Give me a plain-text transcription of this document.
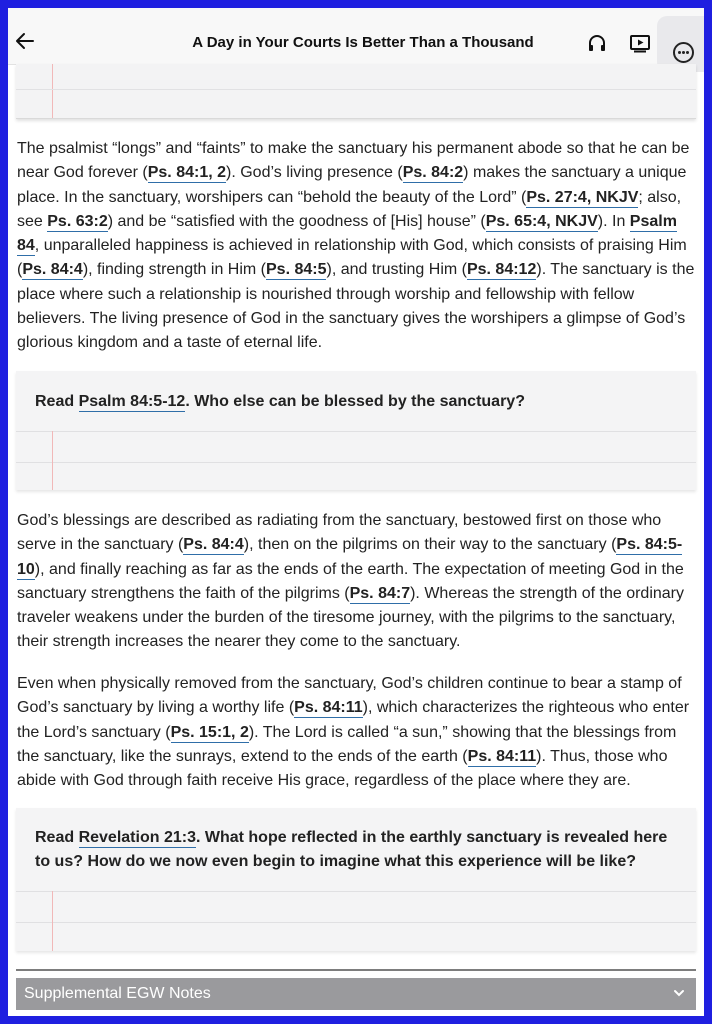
A Day in Your Courts Is Better Than a Thousand

The psalmist “longs” and “faints” to make the sanctuary his permanent abode so that he can be near God forever (Ps. 84:1, 2). God’s living presence (Ps. 84:2) makes the sanctuary a unique place. In the sanctuary, worshipers can “behold the beauty of the Lord” (Ps. 27:4, NKJV; also, see Ps. 63:2) and be “satisfied with the goodness of [His] house” (Ps. 65:4, NKJV). In Psalm 84, unparalleled happiness is achieved in relationship with God, which consists of praising Him (Ps. 84:4), finding strength in Him (Ps. 84:5), and trusting Him (Ps. 84:12). The sanctuary is the place where such a relationship is nourished through worship and fellowship with fellow believers. The living presence of God in the sanctuary gives the worshipers a glimpse of God’s glorious kingdom and a taste of eternal life.

Read Psalm 84:5-12. Who else can be blessed by the sanctuary?

God’s blessings are described as radiating from the sanctuary, bestowed first on those who serve in the sanctuary (Ps. 84:4), then on the pilgrims on their way to the sanctuary (Ps. 84:5-10), and finally reaching as far as the ends of the earth. The expectation of meeting God in the sanctuary strengthens the faith of the pilgrims (Ps. 84:7). Whereas the strength of the ordinary traveler weakens under the burden of the tiresome journey, with the pilgrims to the sanctuary, their strength increases the nearer they come to the sanctuary.

Even when physically removed from the sanctuary, God’s children continue to bear a stamp of God’s sanctuary by living a worthy life (Ps. 84:11), which characterizes the righteous who enter the Lord’s sanctuary (Ps. 15:1, 2). The Lord is called “a sun,” showing that the blessings from the sanctuary, like the sunrays, extend to the ends of the earth (Ps. 84:11). Thus, those who abide with God through faith receive His grace, regardless of the place where they are.

Read Revelation 21:3. What hope reflected in the earthly sanctuary is revealed here to us? How do we now even begin to imagine what this experience will be like?

Supplemental EGW Notes
